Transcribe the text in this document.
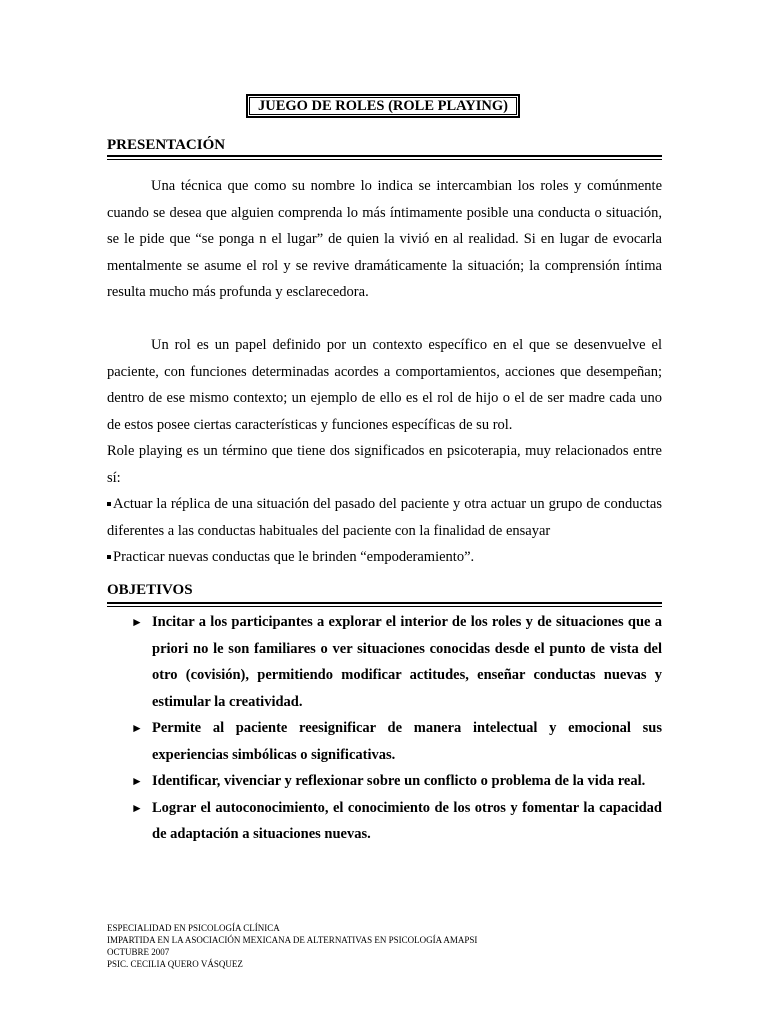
JUEGO DE ROLES (ROLE PLAYING)
PRESENTACIÓN

Una técnica que como su nombre lo indica se intercambian los roles y comúnmente cuando se desea que alguien comprenda lo más íntimamente posible una conducta o situación, se le pide que “se ponga n el lugar” de quien la vivió en al realidad. Si en lugar de evocarla mentalmente se asume el rol y se revive dramáticamente la situación; la comprensión íntima resulta mucho más profunda y esclarecedora.

Un rol es un papel definido por un contexto específico en el que se desenvuelve el paciente, con funciones determinadas acordes a comportamientos, acciones que desempeñan; dentro de ese mismo contexto; un ejemplo de ello es el rol de hijo o el de ser madre cada uno de estos posee ciertas características y funciones específicas de su rol.

Role playing es un término que tiene dos significados en psicoterapia, muy relacionados entre sí:

Actuar la réplica de una situación del pasado del paciente y otra actuar un grupo de conductas diferentes a las conductas habituales del paciente con la finalidad de ensayar

Practicar nuevas conductas que le brinden “empoderamiento”.

OBJETIVOS
► Incitar a los participantes a explorar el interior de los roles y de situaciones que a priori no le son familiares o ver situaciones conocidas desde el punto de vista del otro (covisión), permitiendo modificar actitudes, enseñar conductas nuevas y estimular la creatividad.
► Permite al paciente reesignificar de manera intelectual y emocional sus experiencias simbólicas o significativas.
► Identificar, vivenciar y reflexionar sobre un conflicto o problema de la vida real.
► Lograr el autoconocimiento, el conocimiento de los otros y fomentar la capacidad de adaptación a situaciones nuevas.
ESPECIALIDAD EN PSICOLOGÍA CLÍNICA
IMPARTIDA EN LA ASOCIACIÓN MEXICANA DE ALTERNATIVAS EN PSICOLOGÍA AMAPSI
OCTUBRE 2007
PSIC. CECILIA QUERO VÁSQUEZ
